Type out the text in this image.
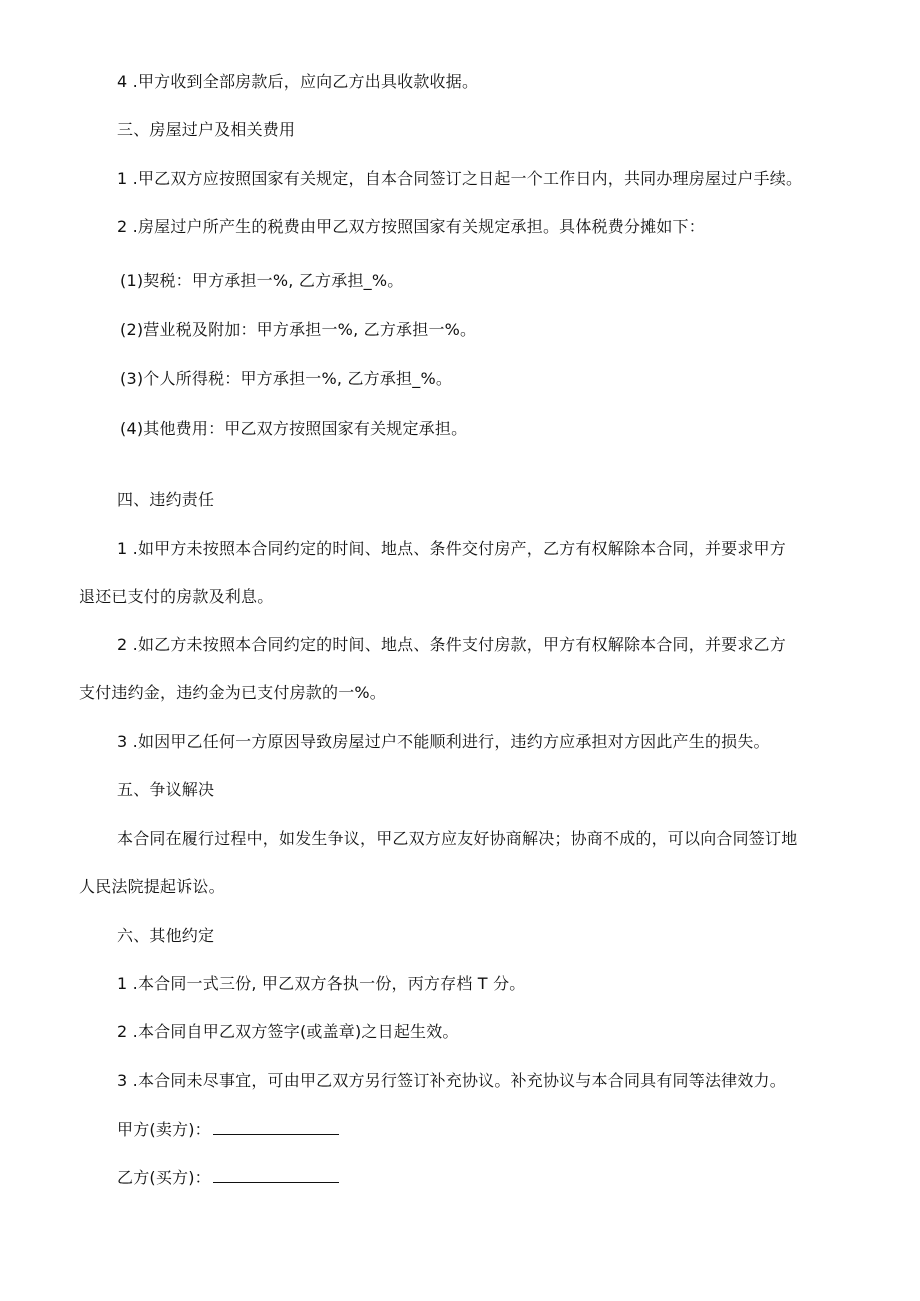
4 .甲方收到全部房款后，应向乙方出具收款收据。
三、房屋过户及相关费用
1 .甲乙双方应按照国家有关规定，自本合同签订之日起一个工作日内，共同办理房屋过户手续。
2 .房屋过户所产生的税费由甲乙双方按照国家有关规定承担。具体税费分摊如下：
(1)契税：甲方承担一%, 乙方承担_%。
(2)营业税及附加：甲方承担一%, 乙方承担一%。
(3)个人所得税：甲方承担一%, 乙方承担_%。
(4)其他费用：甲乙双方按照国家有关规定承担。
四、违约责任
1 .如甲方未按照本合同约定的时间、地点、条件交付房产，乙方有权解除本合同，并要求甲方
退还已支付的房款及利息。
2 .如乙方未按照本合同约定的时间、地点、条件支付房款，甲方有权解除本合同，并要求乙方
支付违约金，违约金为已支付房款的一%。
3 .如因甲乙任何一方原因导致房屋过户不能顺利进行，违约方应承担对方因此产生的损失。
五、争议解决
本合同在履行过程中，如发生争议，甲乙双方应友好协商解决；协商不成的，可以向合同签订地
人民法院提起诉讼。
六、其他约定
1 .本合同一式三份, 甲乙双方各执一份，丙方存档 T 分。
2 .本合同自甲乙双方签字(或盖章)之日起生效。
3 .本合同未尽事宜，可由甲乙双方另行签订补充协议。补充协议与本合同具有同等法律效力。
甲方(卖方)：
乙方(买方)：
